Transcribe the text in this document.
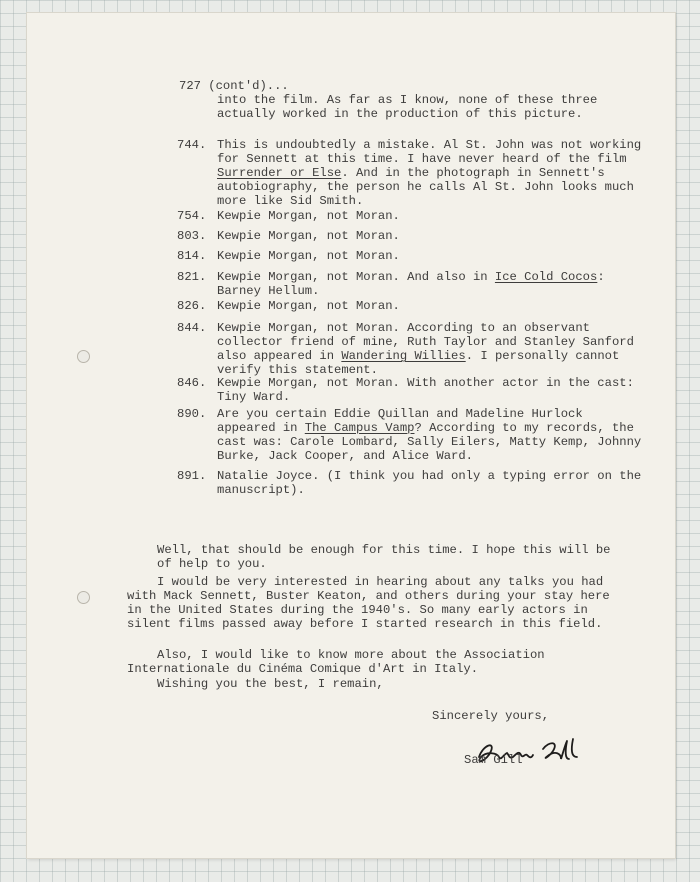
727 (cont'd)...
into the film. As far as I know, none of these three actually worked in the production of this picture.
744. This is undoubtedly a mistake. Al St. John was not working for Sennett at this time. I have never heard of the film Surrender or Else. And in the photograph in Sennett's autobiography, the person he calls Al St. John looks much more like Sid Smith.
754. Kewpie Morgan, not Moran.
803. Kewpie Morgan, not Moran.
814. Kewpie Morgan, not Moran.
821. Kewpie Morgan, not Moran. And also in Ice Cold Cocos: Barney Hellum.
826. Kewpie Morgan, not Moran.
844. Kewpie Morgan, not Moran. According to an observant collector friend of mine, Ruth Taylor and Stanley Sanford also appeared in Wandering Willies. I personally cannot verify this statement.
846. Kewpie Morgan, not Moran. With another actor in the cast: Tiny Ward.
890. Are you certain Eddie Quillan and Madeline Hurlock appeared in The Campus Vamp? According to my records, the cast was: Carole Lombard, Sally Eilers, Matty Kemp, Johnny Burke, Jack Cooper, and Alice Ward.
891. Natalie Joyce. (I think you had only a typing error on the manuscript).
Well, that should be enough for this time. I hope this will be of help to you.
I would be very interested in hearing about any talks you had with Mack Sennett, Buster Keaton, and others during your stay here in the United States during the 1940's. So many early actors in silent films passed away before I started research in this field.
Also, I would like to know more about the Association Internationale du Cinéma Comique d'Art in Italy.
Wishing you the best, I remain,
Sincerely yours,
Sam Gill
